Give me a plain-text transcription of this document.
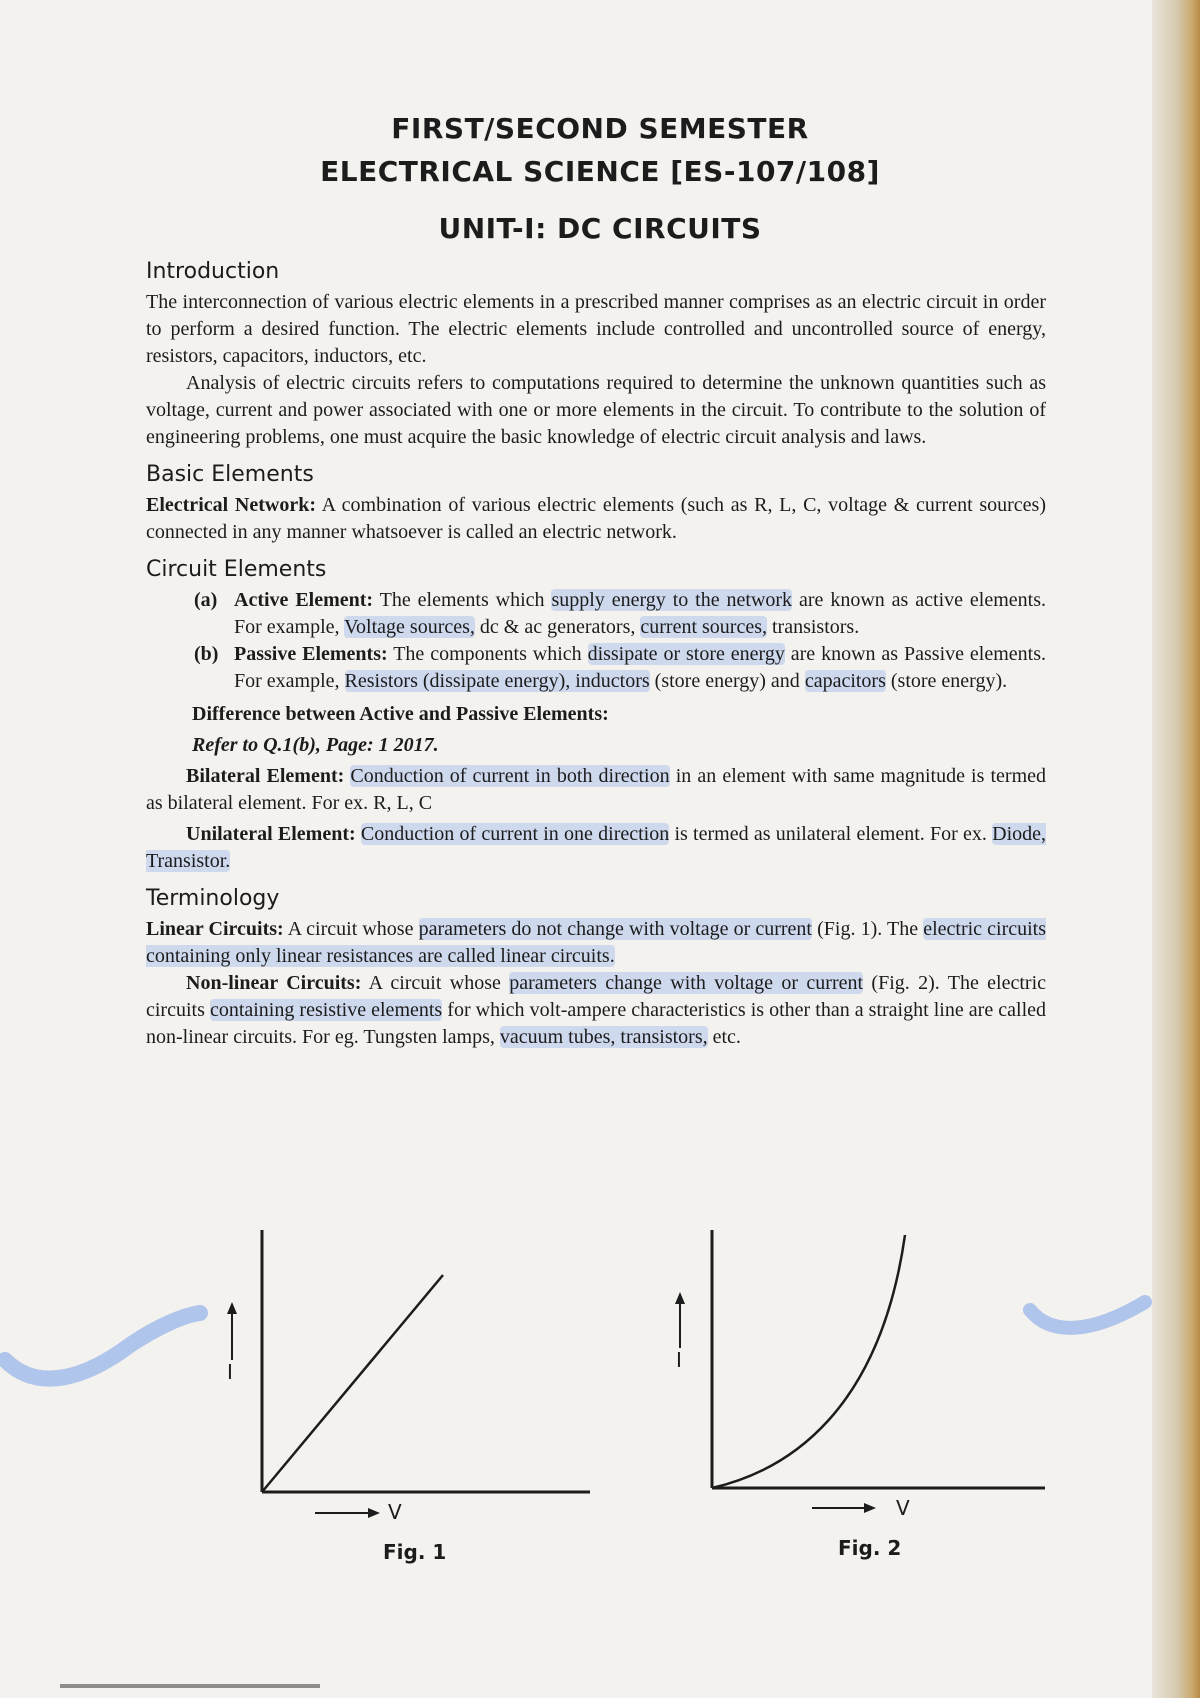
FIRST/SECOND SEMESTER
ELECTRICAL SCIENCE [ES-107/108]
UNIT-I: DC CIRCUITS
Introduction

The interconnection of various electric elements in a prescribed manner comprises as an electric circuit in order to perform a desired function. The electric elements include controlled and uncontrolled source of energy, resistors, capacitors, inductors, etc.

Analysis of electric circuits refers to computations required to determine the unknown quantities such as voltage, current and power associated with one or more elements in the circuit. To contribute to the solution of engineering problems, one must acquire the basic knowledge of electric circuit analysis and laws.

Basic Elements

Electrical Network: A combination of various electric elements (such as R, L, C, voltage & current sources) connected in any manner whatsoever is called an electric network.

Circuit Elements
(a) Active Element: The elements which supply energy to the network are known as active elements. For example, Voltage sources, dc & ac generators, current sources, transistors.
(b) Passive Elements: The components which dissipate or store energy are known as Passive elements. For example, Resistors (dissipate energy), inductors (store energy) and capacitors (store energy).
Difference between Active and Passive Elements:
Refer to Q.1(b), Page: 1 2017.

Bilateral Element: Conduction of current in both direction in an element with same magnitude is termed as bilateral element. For ex. R, L, C

Unilateral Element: Conduction of current in one direction is termed as unilateral element. For ex. Diode, Transistor.

Terminology

Linear Circuits: A circuit whose parameters do not change with voltage or current (Fig. 1). The electric circuits containing only linear resistances are called linear circuits.

Non-linear Circuits: A circuit whose parameters change with voltage or current (Fig. 2). The electric circuits containing resistive elements for which volt-ampere characteristics is other than a straight line are called non-linear circuits. For eg. Tungsten lamps, vacuum tubes, transistors, etc.

I
V
Fig. 1
I
V
Fig. 2
